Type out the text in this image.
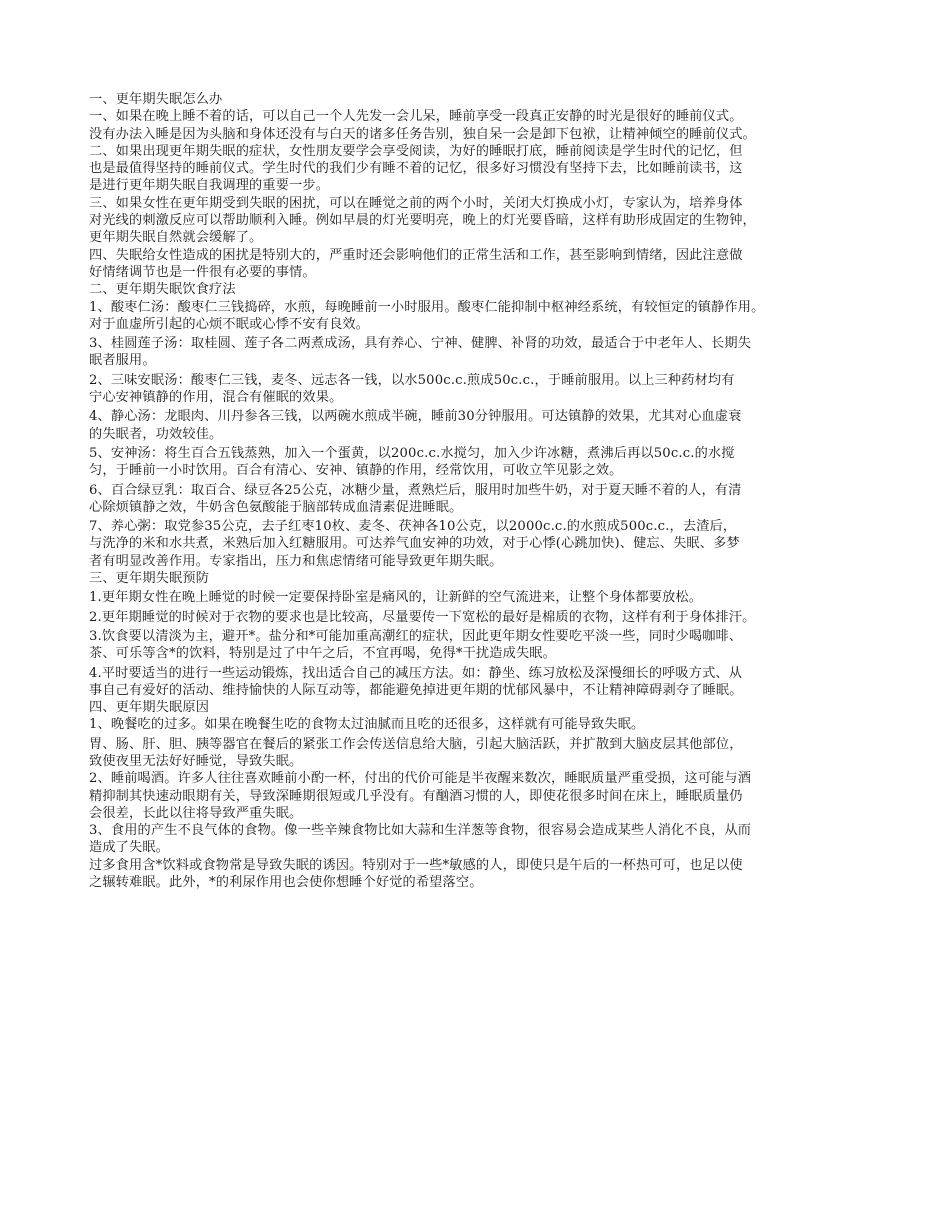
一、更年期失眠怎么办

一、如果在晚上睡不着的话，可以自己一个人先发一会儿呆，睡前享受一段真正安静的时光是很好的睡前仪式。

没有办法入睡是因为头脑和身体还没有与白天的诸多任务告别，独自呆一会是卸下包袱，让精神倾空的睡前仪式。

二、如果出现更年期失眠的症状，女性朋友要学会享受阅读，为好的睡眠打底，睡前阅读是学生时代的记忆，但

也是最值得坚持的睡前仪式。学生时代的我们少有睡不着的记忆，很多好习惯没有坚持下去，比如睡前读书，这

是进行更年期失眠自我调理的重要一步。

三、如果女性在更年期受到失眠的困扰，可以在睡觉之前的两个小时，关闭大灯换成小灯，专家认为，培养身体

对光线的刺激反应可以帮助顺利入睡。例如早晨的灯光要明亮，晚上的灯光要昏暗，这样有助形成固定的生物钟，

更年期失眠自然就会缓解了。

四、失眠给女性造成的困扰是特别大的，严重时还会影响他们的正常生活和工作，甚至影响到情绪，因此注意做

好情绪调节也是一件很有必要的事情。

二、更年期失眠饮食疗法

1、酸枣仁汤：酸枣仁三钱捣碎，水煎，每晚睡前一小时服用。酸枣仁能抑制中枢神经系统，有较恒定的镇静作用。

对于血虚所引起的心烦不眠或心悸不安有良效。

3、桂圆莲子汤：取桂圆、莲子各二两煮成汤，具有养心、宁神、健脾、补肾的功效，最适合于中老年人、长期失

眠者服用。

2、三味安眠汤：酸枣仁三钱，麦冬、远志各一钱，以水500c.c.煎成50c.c.，于睡前服用。以上三种药材均有

宁心安神镇静的作用，混合有催眠的效果。

4、静心汤：龙眼肉、川丹参各三钱，以两碗水煎成半碗，睡前30分钟服用。可达镇静的效果，尤其对心血虚衰

的失眠者，功效较佳。

5、安神汤：将生百合五钱蒸熟，加入一个蛋黄，以200c.c.水搅匀，加入少许冰糖，煮沸后再以50c.c.的水搅

匀，于睡前一小时饮用。百合有清心、安神、镇静的作用，经常饮用，可收立竿见影之效。

6、百合绿豆乳：取百合、绿豆各25公克，冰糖少量，煮熟烂后，服用时加些牛奶，对于夏天睡不着的人，有清

心除烦镇静之效，牛奶含色氨酸能于脑部转成血清素促进睡眠。

7、养心粥：取党参35公克，去子红枣10枚、麦冬、茯神各10公克，以2000c.c.的水煎成500c.c.，去渣后，

与洗净的米和水共煮，米熟后加入红糖服用。可达养气血安神的功效，对于心悸(心跳加快)、健忘、失眠、多梦

者有明显改善作用。专家指出，压力和焦虑情绪可能导致更年期失眠。

三、更年期失眠预防

1.更年期女性在晚上睡觉的时候一定要保持卧室是痛风的，让新鲜的空气流进来，让整个身体都要放松。

2.更年期睡觉的时候对于衣物的要求也是比较高，尽量要传一下宽松的最好是棉质的衣物，这样有利于身体排汗。

3.饮食要以清淡为主，避开*。盐分和*可能加重高潮红的症状，因此更年期女性要吃平淡一些，同时少喝咖啡、

茶、可乐等含*的饮料，特别是过了中午之后，不宜再喝，免得*干扰造成失眠。

4.平时要适当的进行一些运动锻炼，找出适合自己的减压方法。如：静坐、练习放松及深慢细长的呼吸方式、从

事自己有爱好的活动、维持愉快的人际互动等，都能避免掉进更年期的忧郁风暴中，不让精神障碍剥夺了睡眠。

四、更年期失眠原因

1、晚餐吃的过多。如果在晚餐生吃的食物太过油腻而且吃的还很多，这样就有可能导致失眠。

胃、肠、肝、胆、胰等器官在餐后的紧张工作会传送信息给大脑，引起大脑活跃，并扩散到大脑皮层其他部位，

致使夜里无法好好睡觉，导致失眠。

2、睡前喝酒。许多人往往喜欢睡前小酌一杯，付出的代价可能是半夜醒来数次，睡眠质量严重受损，这可能与酒

精抑制其快速动眼期有关，导致深睡期很短或几乎没有。有酗酒习惯的人，即使花很多时间在床上，睡眠质量仍

会很差，长此以往将导致严重失眠。

3、食用的产生不良气体的食物。像一些辛辣食物比如大蒜和生洋葱等食物，很容易会造成某些人消化不良，从而

造成了失眠。

过多食用含*饮料或食物常是导致失眠的诱因。特别对于一些*敏感的人，即使只是午后的一杯热可可，也足以使

之辗转难眠。此外，*的利尿作用也会使你想睡个好觉的希望落空。
